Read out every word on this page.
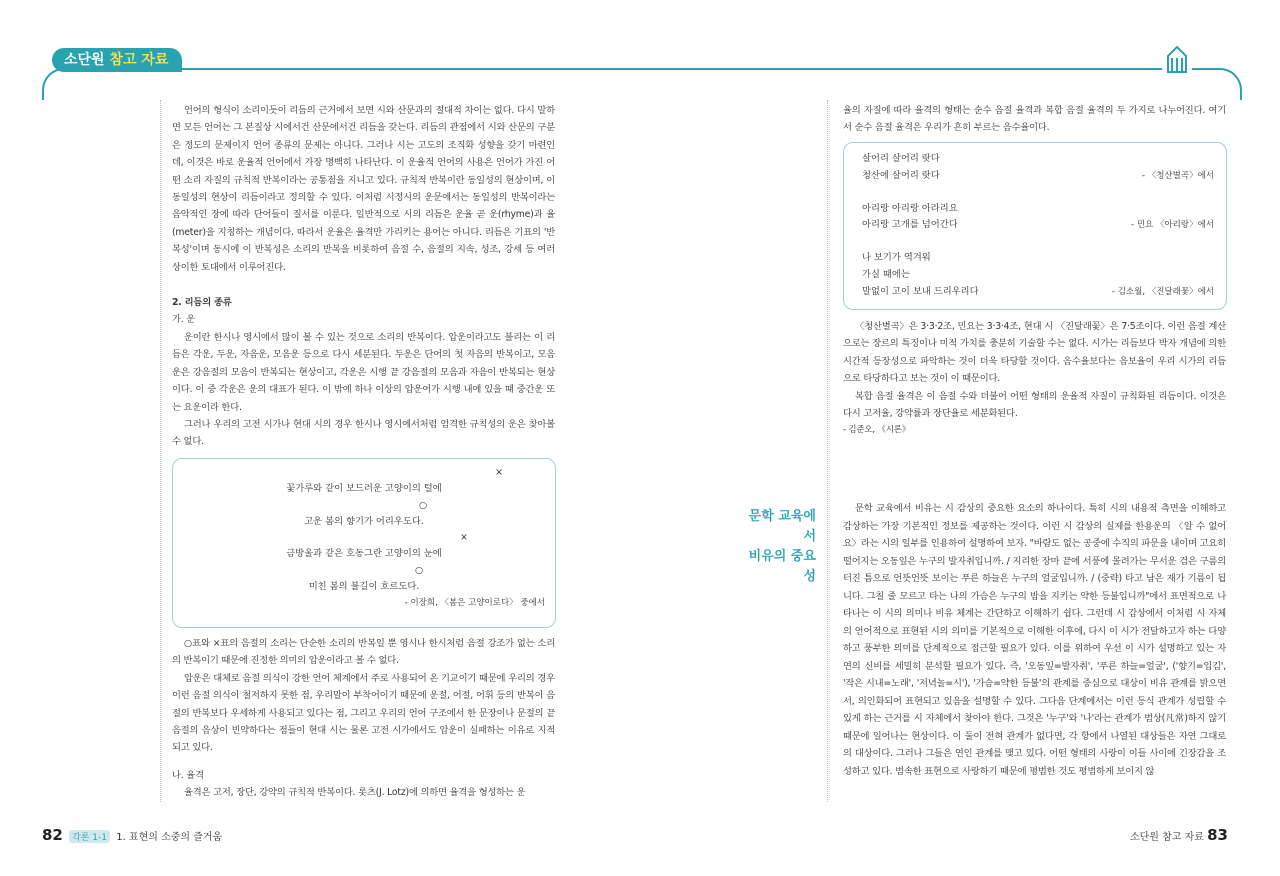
소단원 참고 자료

언어의 형식이 소리이듯이 리듬의 근거에서 보면 시와 산문과의 절대적 차이는 없다. 다시 말하면 모든 언어는 그 본질상 시에서건 산문에서건 리듬을 갖는다. 리듬의 관점에서 시와 산문의 구분은 정도의 문제이지 언어 종류의 문제는 아니다. 그러나 시는 고도의 조직화 성향을 갖기 마련인데, 이것은 바로 운율적 언어에서 가장 명백히 나타난다. 이 운율적 언어의 사용은 언어가 가진 어떤 소리 자질의 규칙적 반복이라는 공통점을 지니고 있다. 규칙적 반복이란 동일성의 현상이며, 이 동일성의 현상이 리듬이라고 정의할 수 있다. 이처럼 시정시의 운문에서는 동일성의 반복이라는 음악적인 장에 따라 단어들이 질서를 이룬다. 일반적으로 시의 리듬은 운율 곧 운(rhyme)과 율(meter)을 지칭하는 개념이다. 따라서 운율은 율격만 가리키는 용어는 아니다. 리듬은 기표의 '반복성'이며 동시에 이 반복성은 소리의 반복을 비롯하여 음절 수, 음절의 지속, 성조, 강세 등 여러 상이한 토대에서 이루어진다.

2. 리듬의 종류

가. 운

운이란 한시나 영시에서 많이 볼 수 있는 것으로 소리의 반복이다. 압운이라고도 불리는 이 리듬은 각운, 두운, 자음운, 모음운 등으로 다시 세분된다. 두운은 단어의 첫 자음의 반복이고, 모음운은 강음절의 모음이 반복되는 현상이고, 각운은 시행 끝 강음절의 모음과 자음이 반복되는 현상이다. 이 중 각운은 운의 대표가 된다. 이 밖에 하나 이상의 압운어가 시행 내에 있을 때 중간운 또는 요운이라 한다.

그러나 우리의 고전 시가나 현대 시의 경우 한시나 영시에서처럼 엄격한 규칙성의 운은 찾아볼 수 없다.

×
꽃가루와 같이 보드러운 고양이의 털에
○
고운 봄의 향기가 어리우도다.
×
금방울과 같은 호동그란 고양이의 눈에
○
미친 봄의 불길이 흐르도다.
- 이장희, 〈봄은 고양이로다〉 중에서

○표와 ×표의 음절의 소리는 단순한 소리의 반복일 뿐 영시나 한시처럼 음절 강조가 없는 소리의 반복이기 때문에 진정한 의미의 압운이라고 볼 수 없다.

압운은 대체로 음절 의식이 강한 언어 체계에서 주로 사용되어 온 기교이기 때문에 우리의 경우 이런 음절 의식이 철저하지 못한 점, 우리말이 부착어이기 때문에 운절, 어절, 어휘 등의 반복이 음절의 반복보다 우세하게 사용되고 있다는 점, 그리고 우리의 언어 구조에서 한 문장이나 문절의 끝음절의 음상이 빈약하다는 점들이 현대 시는 물론 고전 시가에서도 압운이 실패하는 이유로 지적되고 있다.

나. 율격

율격은 고저, 장단, 강약의 규칙적 반복이다. 롯츠(J. Lotz)에 의하면 율격을 형성하는 운

율의 자질에 따라 율격의 형태는 순수 음절 율격과 복합 음절 율격의 두 가지로 나누어진다. 여기서 순수 음절 율격은 우리가 흔히 부르는 음수율이다.

살어리 살어리 랏다
청산에 살어리 랏다	- 〈청산별곡〉에서
아리랑 아리랑 아라리요
아리랑 고개를 넘어간다	- 민요 〈아리랑〉에서
나 보기가 역겨워
가실 때에는
말없이 고이 보내 드리우리다	- 김소월, 〈진달래꽃〉에서

〈청산별곡〉은 3·3·2조, 민요는 3·3·4조, 현대 시 〈진달래꽃〉은 7·5조이다. 이런 음절 계산으로는 장르의 특징이나 미적 가치를 충분히 기술할 수는 없다. 시가는 리듬보다 박자 개념에 의한 시간적 등장성으로 파악하는 것이 더욱 타당할 것이다. 음수율보다는 음보율이 우리 시가의 리듬으로 타당하다고 보는 것이 이 때문이다.

복합 음절 율격은 이 음절 수와 더불어 어떤 형태의 운율적 자질이 규칙화된 리듬이다. 이것은 다시 고저율, 강약률과 장단율로 세분화된다.

- 김준오, 《시론》

문학 교육에서
비유의 중요성

문학 교육에서 비유는 시 감상의 중요한 요소의 하나이다. 특히 시의 내용적 측면을 이해하고 감상하는 가장 기본적인 정보를 제공하는 것이다. 이런 시 감상의 실제를 한용운의 〈알 수 없어요〉라는 시의 일부를 인용하여 설명하여 보자. "바람도 없는 공중에 수직의 파문을 내이며 고요히 떨어지는 오동잎은 누구의 발자취입니까. / 지리한 장마 끝에 서풍에 몰려가는 무서운 검은 구름의 터진 틈으로 언뜻언뜻 보이는 푸른 하늘은 누구의 얼굴입니까. / (중략) 타고 남은 재가 기름이 됩니다. 그칠 줄 모르고 타는 나의 가슴은 누구의 밤을 지키는 약한 등불입니까"에서 표면적으로 나타나는 이 시의 의미나 비유 체계는 간단하고 이해하기 쉽다. 그런데 시 감상에서 이처럼 시 자체의 언어적으로 표현된 시의 의미를 기본적으로 이해한 이후에, 다시 이 시가 전달하고자 하는 다양하고 풍부한 의미를 단계적으로 접근할 필요가 있다. 이를 위하여 우선 이 시가 설명하고 있는 자연의 신비를 세밀히 분석할 필요가 있다. 즉, '오동잎=발자취', '푸른 하늘=얼굴', ('향기=입김', '작은 시내=노래', '저녁놀=시'), '가슴=약한 등불'의 관계를 중심으로 대상이 비유 관계를 밝으면서, 의인화되어 표현되고 있음을 설명할 수 있다. 그다음 단계에서는 이런 등식 관계가 성립할 수 있게 하는 근거를 시 자체에서 찾아야 한다. 그것은 '누구'와 '나'라는 관계가 범상(凡常)하지 않기 때문에 일어나는 현상이다. 이 둘이 전혀 관계가 없다면, 각 항에서 나열된 대상들은 자연 그대로의 대상이다. 그러나 그들은 연인 관계를 맺고 있다. 어떤 형태의 사랑이 이들 사이에 긴장감을 조성하고 있다. 범속한 표현으로 사랑하기 때문에 평범한 것도 평범하게 보이지 않

82 각론 1-1 1. 표현의 소중의 즐거움	소단원 참고 자료 83
